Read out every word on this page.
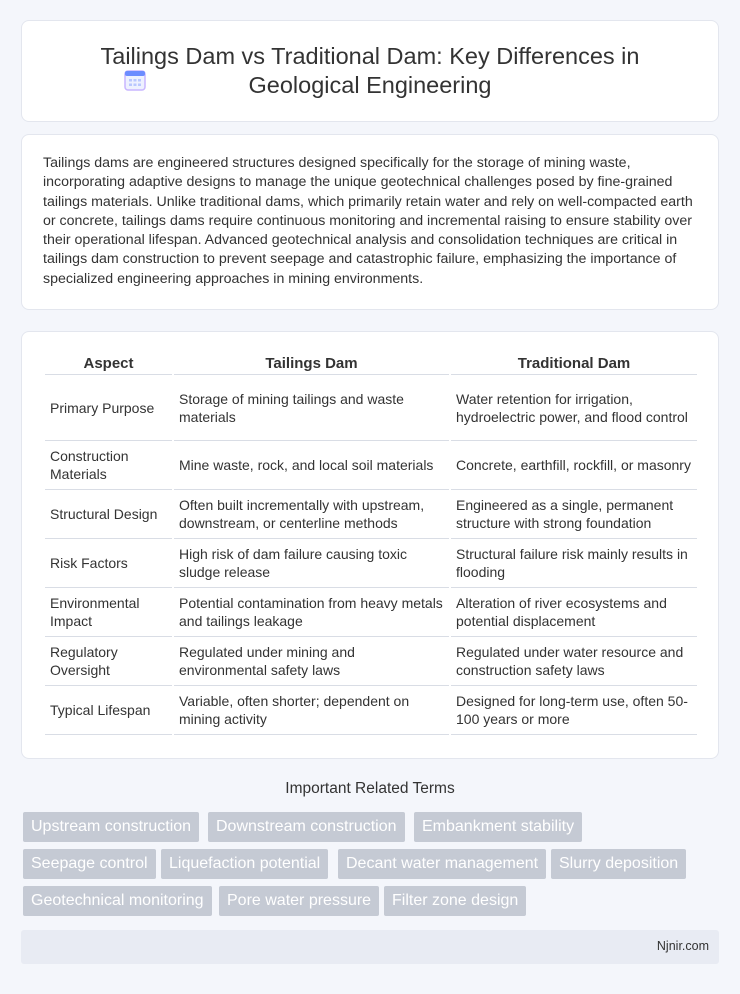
Tailings Dam vs Traditional Dam: Key Differences in Geological Engineering

Tailings dams are engineered structures designed specifically for the storage of mining waste, incorporating adaptive designs to manage the unique geotechnical challenges posed by fine-grained tailings materials. Unlike traditional dams, which primarily retain water and rely on well-compacted earth or concrete, tailings dams require continuous monitoring and incremental raising to ensure stability over their operational lifespan. Advanced geotechnical analysis and consolidation techniques are critical in tailings dam construction to prevent seepage and catastrophic failure, emphasizing the importance of specialized engineering approaches in mining environments.

Aspect	Tailings Dam	Traditional Dam
Primary Purpose	Storage of mining tailings and waste materials	Water retention for irrigation, hydroelectric power, and flood control
Construction Materials	Mine waste, rock, and local soil materials	Concrete, earthfill, rockfill, or masonry
Structural Design	Often built incrementally with upstream, downstream, or centerline methods	Engineered as a single, permanent structure with strong foundation
Risk Factors	High risk of dam failure causing toxic sludge release	Structural failure risk mainly results in flooding
Environmental Impact	Potential contamination from heavy metals and tailings leakage	Alteration of river ecosystems and potential displacement
Regulatory Oversight	Regulated under mining and environmental safety laws	Regulated under water resource and construction safety laws
Typical Lifespan	Variable, often shorter; dependent on mining activity	Designed for long-term use, often 50-100 years or more
Important Related Terms
Upstream construction	Downstream construction	Embankment stability
Seepage control	Liquefaction potential	Decant water management	Slurry deposition
Geotechnical monitoring	Pore water pressure	Filter zone design
Njnir.com
